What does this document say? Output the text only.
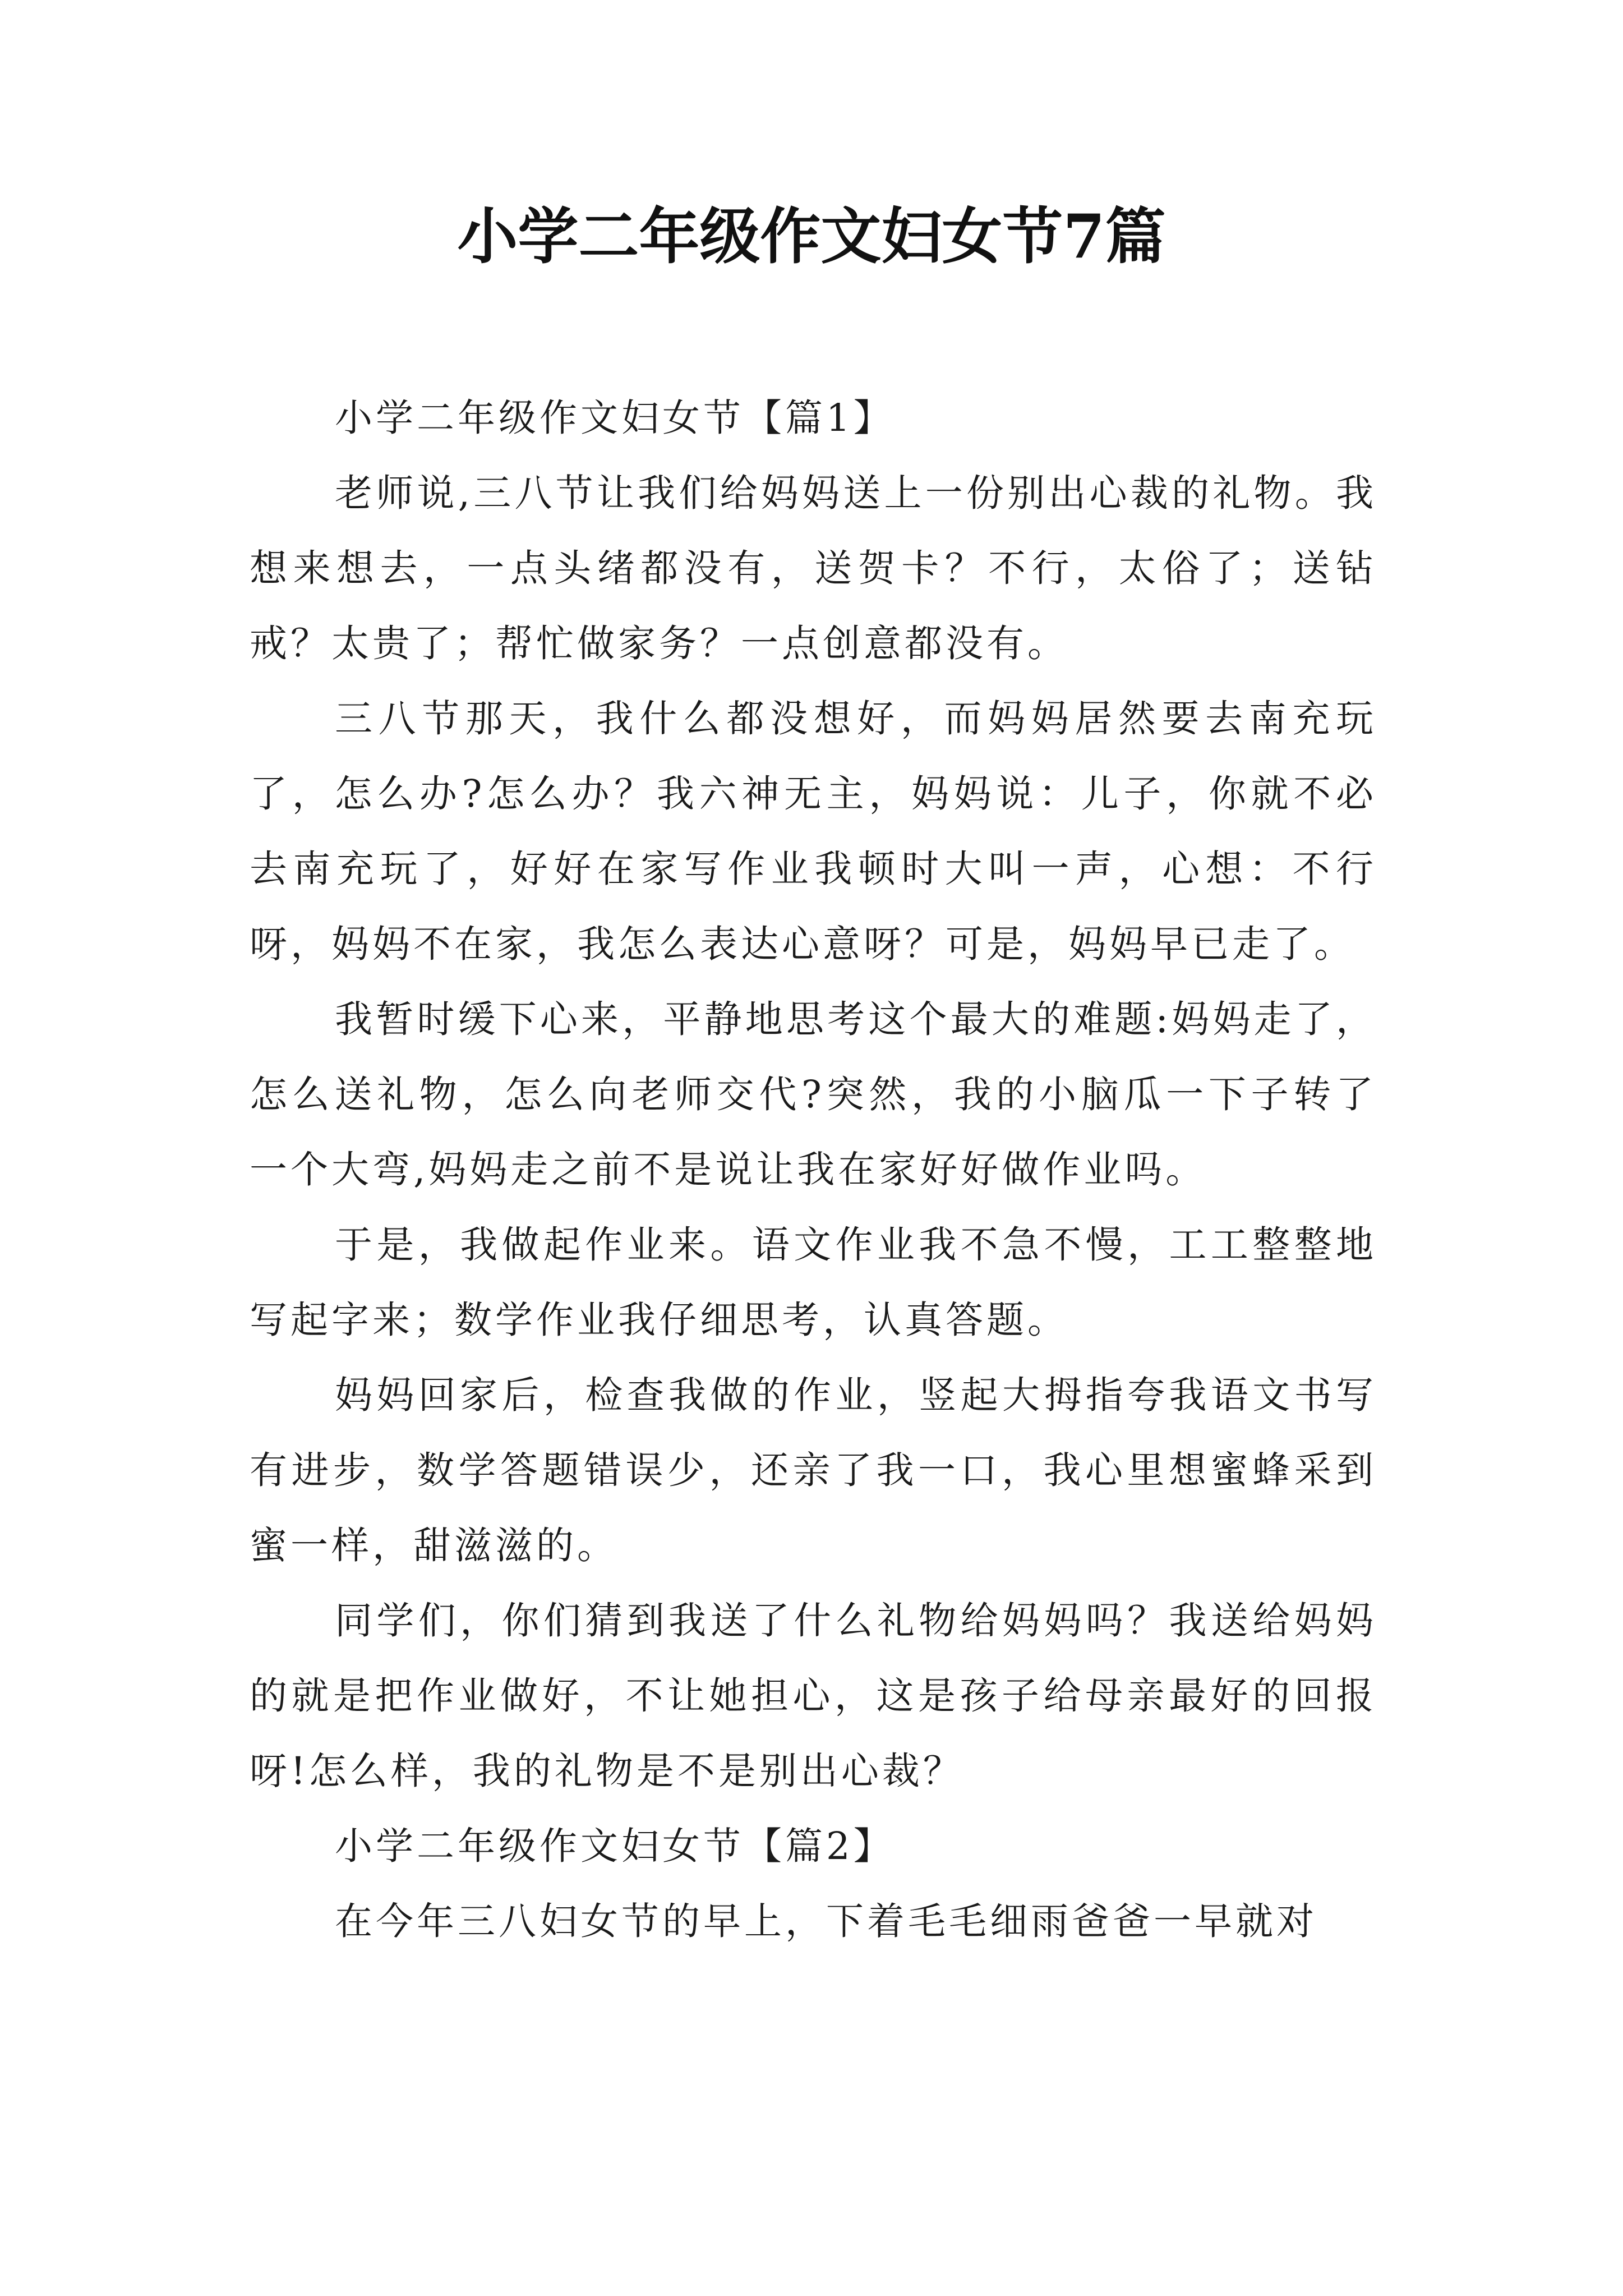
小学二年级作文妇女节7篇

小学二年级作文妇女节【篇1】

老师说,三八节让我们给妈妈送上一份别出心裁的礼物。我想来想去，一点头绪都没有，送贺卡？不行，太俗了；送钻戒？太贵了；帮忙做家务？一点创意都没有。

三八节那天，我什么都没想好，而妈妈居然要去南充玩了，怎么办?怎么办？我六神无主，妈妈说：儿子，你就不必去南充玩了，好好在家写作业我顿时大叫一声，心想：不行呀，妈妈不在家，我怎么表达心意呀？可是，妈妈早已走了。

我暂时缓下心来，平静地思考这个最大的难题:妈妈走了，怎么送礼物，怎么向老师交代?突然，我的小脑瓜一下子转了一个大弯,妈妈走之前不是说让我在家好好做作业吗。

于是，我做起作业来。语文作业我不急不慢，工工整整地写起字来；数学作业我仔细思考，认真答题。

妈妈回家后，检查我做的作业，竖起大拇指夸我语文书写有进步，数学答题错误少，还亲了我一口，我心里想蜜蜂采到蜜一样，甜滋滋的。

同学们，你们猜到我送了什么礼物给妈妈吗？我送给妈妈的就是把作业做好，不让她担心，这是孩子给母亲最好的回报呀!怎么样，我的礼物是不是别出心裁？

小学二年级作文妇女节【篇2】

在今年三八妇女节的早上，下着毛毛细雨爸爸一早就对
